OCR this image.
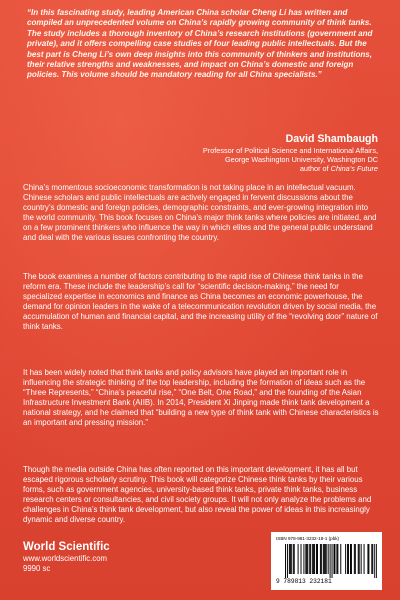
“In this fascinating study, leading American China scholar Cheng Li has written and compiled an unprecedented volume on China’s rapidly growing community of think tanks. The study includes a thorough inventory of China’s research institutions (government and private), and it offers compelling case studies of four leading public intellectuals. But the best part is Cheng Li’s own deep insights into this community of thinkers and institutions, their relative strengths and weaknesses, and impact on China’s domestic and foreign policies. This volume should be mandatory reading for all China specialists.”

David Shambaugh
Professor of Political Science and International Affairs,
George Washington University, Washington DC
author of China’s Future

China’s momentous socioeconomic transformation is not taking place in an intellectual vacuum. Chinese scholars and public intellectuals are actively engaged in fervent discussions about the country’s domestic and foreign policies, demographic constraints, and ever-growing integration into the world community. This book focuses on China’s major think tanks where policies are initiated, and on a few prominent thinkers who influence the way in which elites and the general public understand and deal with the various issues confronting the country.

The book examines a number of factors contributing to the rapid rise of Chinese think tanks in the reform era. These include the leadership’s call for “scientific decision-making,” the need for specialized expertise in economics and finance as China becomes an economic powerhouse, the demand for opinion leaders in the wake of a telecommunication revolution driven by social media, the accumulation of human and financial capital, and the increasing utility of the “revolving door” nature of think tanks.

It has been widely noted that think tanks and policy advisors have played an important role in influencing the strategic thinking of the top leadership, including the formation of ideas such as the “Three Represents,” “China’s peaceful rise,” “One Belt, One Road,” and the founding of the Asian Infrastructure Investment Bank (AIIB). In 2014, President Xi Jinping made think tank development a national strategy, and he claimed that “building a new type of think tank with Chinese characteristics is an important and pressing mission.”

Though the media outside China has often reported on this important development, it has all but escaped rigorous scholarly scrutiny. This book will categorize Chinese think tanks by their various forms, such as government agencies, university-based think tanks, private think tanks, business research centers or consultancies, and civil society groups. It will not only analyze the problems and challenges in China’s think tank development, but also reveal the power of ideas in this increasingly dynamic and diverse country.

World Scientific
www.worldscientific.com
9990 sc
ISBN 978-981-3232-18-1 (pbk)
9 789813 232181
